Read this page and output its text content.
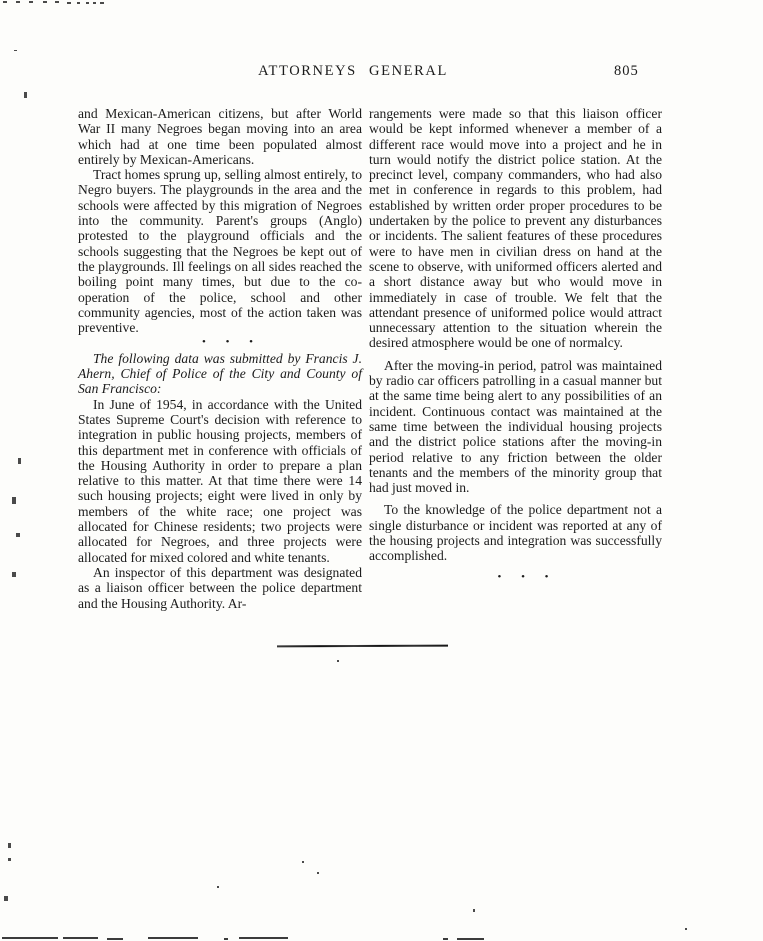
ATTORNEYS GENERAL	805

and Mexican-American citizens, but after World War II many Negroes began moving into an area which had at one time been populated almost entirely by Mexican-Americans.

Tract homes sprung up, selling almost entirely, to Negro buyers. The playgrounds in the area and the schools were affected by this migration of Negroes into the community. Parent's groups (Anglo) protested to the playground officials and the schools suggesting that the Negroes be kept out of the playgrounds. Ill feelings on all sides reached the boiling point many times, but due to the co-operation of the police, school and other community agencies, most of the action taken was preventive.

• • •

The following data was submitted by Francis J. Ahern, Chief of Police of the City and County of San Francisco:

In June of 1954, in accordance with the United States Supreme Court's decision with reference to integration in public housing projects, members of this department met in conference with officials of the Housing Authority in order to prepare a plan relative to this matter. At that time there were 14 such housing projects; eight were lived in only by members of the white race; one project was allocated for Chinese residents; two projects were allocated for Negroes, and three projects were allocated for mixed colored and white tenants.

An inspector of this department was designated as a liaison officer between the police department and the Housing Authority. Ar-

rangements were made so that this liaison officer would be kept informed whenever a member of a different race would move into a project and he in turn would notify the district police station. At the precinct level, company commanders, who had also met in conference in regards to this problem, had established by written order proper procedures to be undertaken by the police to prevent any disturbances or incidents. The salient features of these procedures were to have men in civilian dress on hand at the scene to observe, with uniformed officers alerted and a short distance away but who would move in immediately in case of trouble. We felt that the attendant presence of uniformed police would attract unnecessary attention to the situation wherein the desired atmosphere would be one of normalcy.

After the moving-in period, patrol was maintained by radio car officers patrolling in a casual manner but at the same time being alert to any possibilities of an incident. Continuous contact was maintained at the same time between the individual housing projects and the district police stations after the moving-in period relative to any friction between the older tenants and the members of the minority group that had just moved in.

To the knowledge of the police department not a single disturbance or incident was reported at any of the housing projects and integration was successfully accomplished.

• • •
